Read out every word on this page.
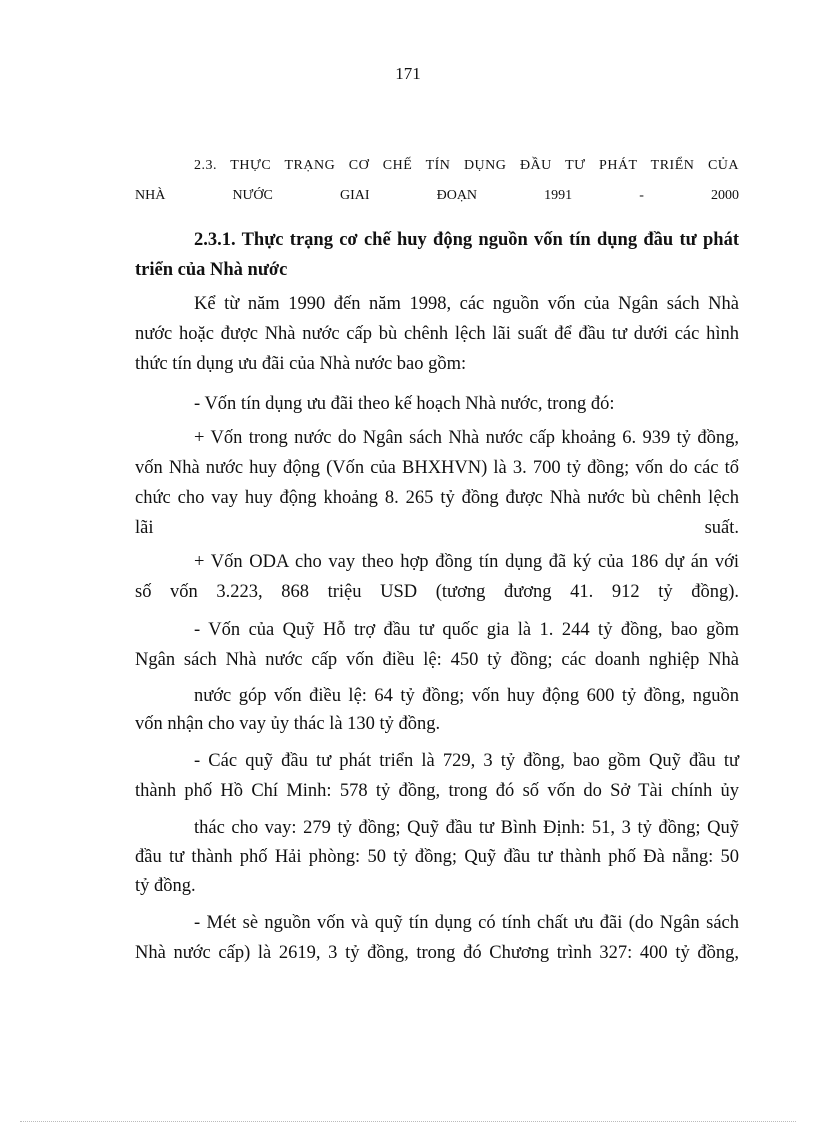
171
2.3. THỰC TRẠNG CƠ CHẾ TÍN DỤNG ĐẦU TƯ PHÁT TRIỂN CỦA
NHÀ	NƯỚC	GIAI	ĐOẠN	1991	-	2000
2.3.1. Thực trạng cơ chế huy động nguồn vốn tín dụng đầu tư phát
triển của Nhà nước
Kể từ năm 1990 đến năm 1998, các nguồn vốn của Ngân sách Nhà
nước hoặc được Nhà nước cấp bù chênh lệch lãi suất để đầu tư dưới các hình
thức tín dụng ưu đãi của Nhà nước bao gồm:
- Vốn tín dụng ưu đãi theo kế hoạch Nhà nước, trong đó:
+ Vốn trong nước do Ngân sách Nhà nước cấp khoảng 6. 939 tỷ đồng,
vốn Nhà nước huy động (Vốn của BHXHVN) là 3. 700 tỷ đồng; vốn do các tổ
chức cho vay huy động khoảng 8. 265 tỷ đồng được Nhà nước bù chênh lệch
lãi	suất.
+ Vốn ODA cho vay theo hợp đồng tín dụng đã ký của 186 dự án với
số vốn 3.223, 868 triệu USD (tương đương 41. 912 tỷ đồng).
- Vốn của Quỹ Hỗ trợ đầu tư quốc gia là 1. 244 tỷ đồng, bao gồm
Ngân sách Nhà nước cấp vốn điều lệ: 450 tỷ đồng; các doanh nghiệp Nhà
nước góp vốn điều lệ: 64 tỷ đồng; vốn huy động 600 tỷ đồng, nguồn
vốn nhận cho vay ủy thác là 130 tỷ đồng.
- Các quỹ đầu tư phát triển là 729, 3 tỷ đồng, bao gồm Quỹ đầu tư
thành phố Hồ Chí Minh: 578 tỷ đồng, trong đó số vốn do Sở Tài chính ủy
thác cho vay: 279 tỷ đồng; Quỹ đầu tư Bình Định: 51, 3 tỷ đồng; Quỹ
đầu tư thành phố Hải phòng: 50 tỷ đồng; Quỹ đầu tư thành phố Đà nẵng: 50
tỷ đồng.
- Mét sè nguồn vốn và quỹ tín dụng có tính chất ưu đãi (do Ngân sách
Nhà nước cấp) là 2619, 3 tỷ đồng, trong đó Chương trình 327: 400 tỷ đồng,
